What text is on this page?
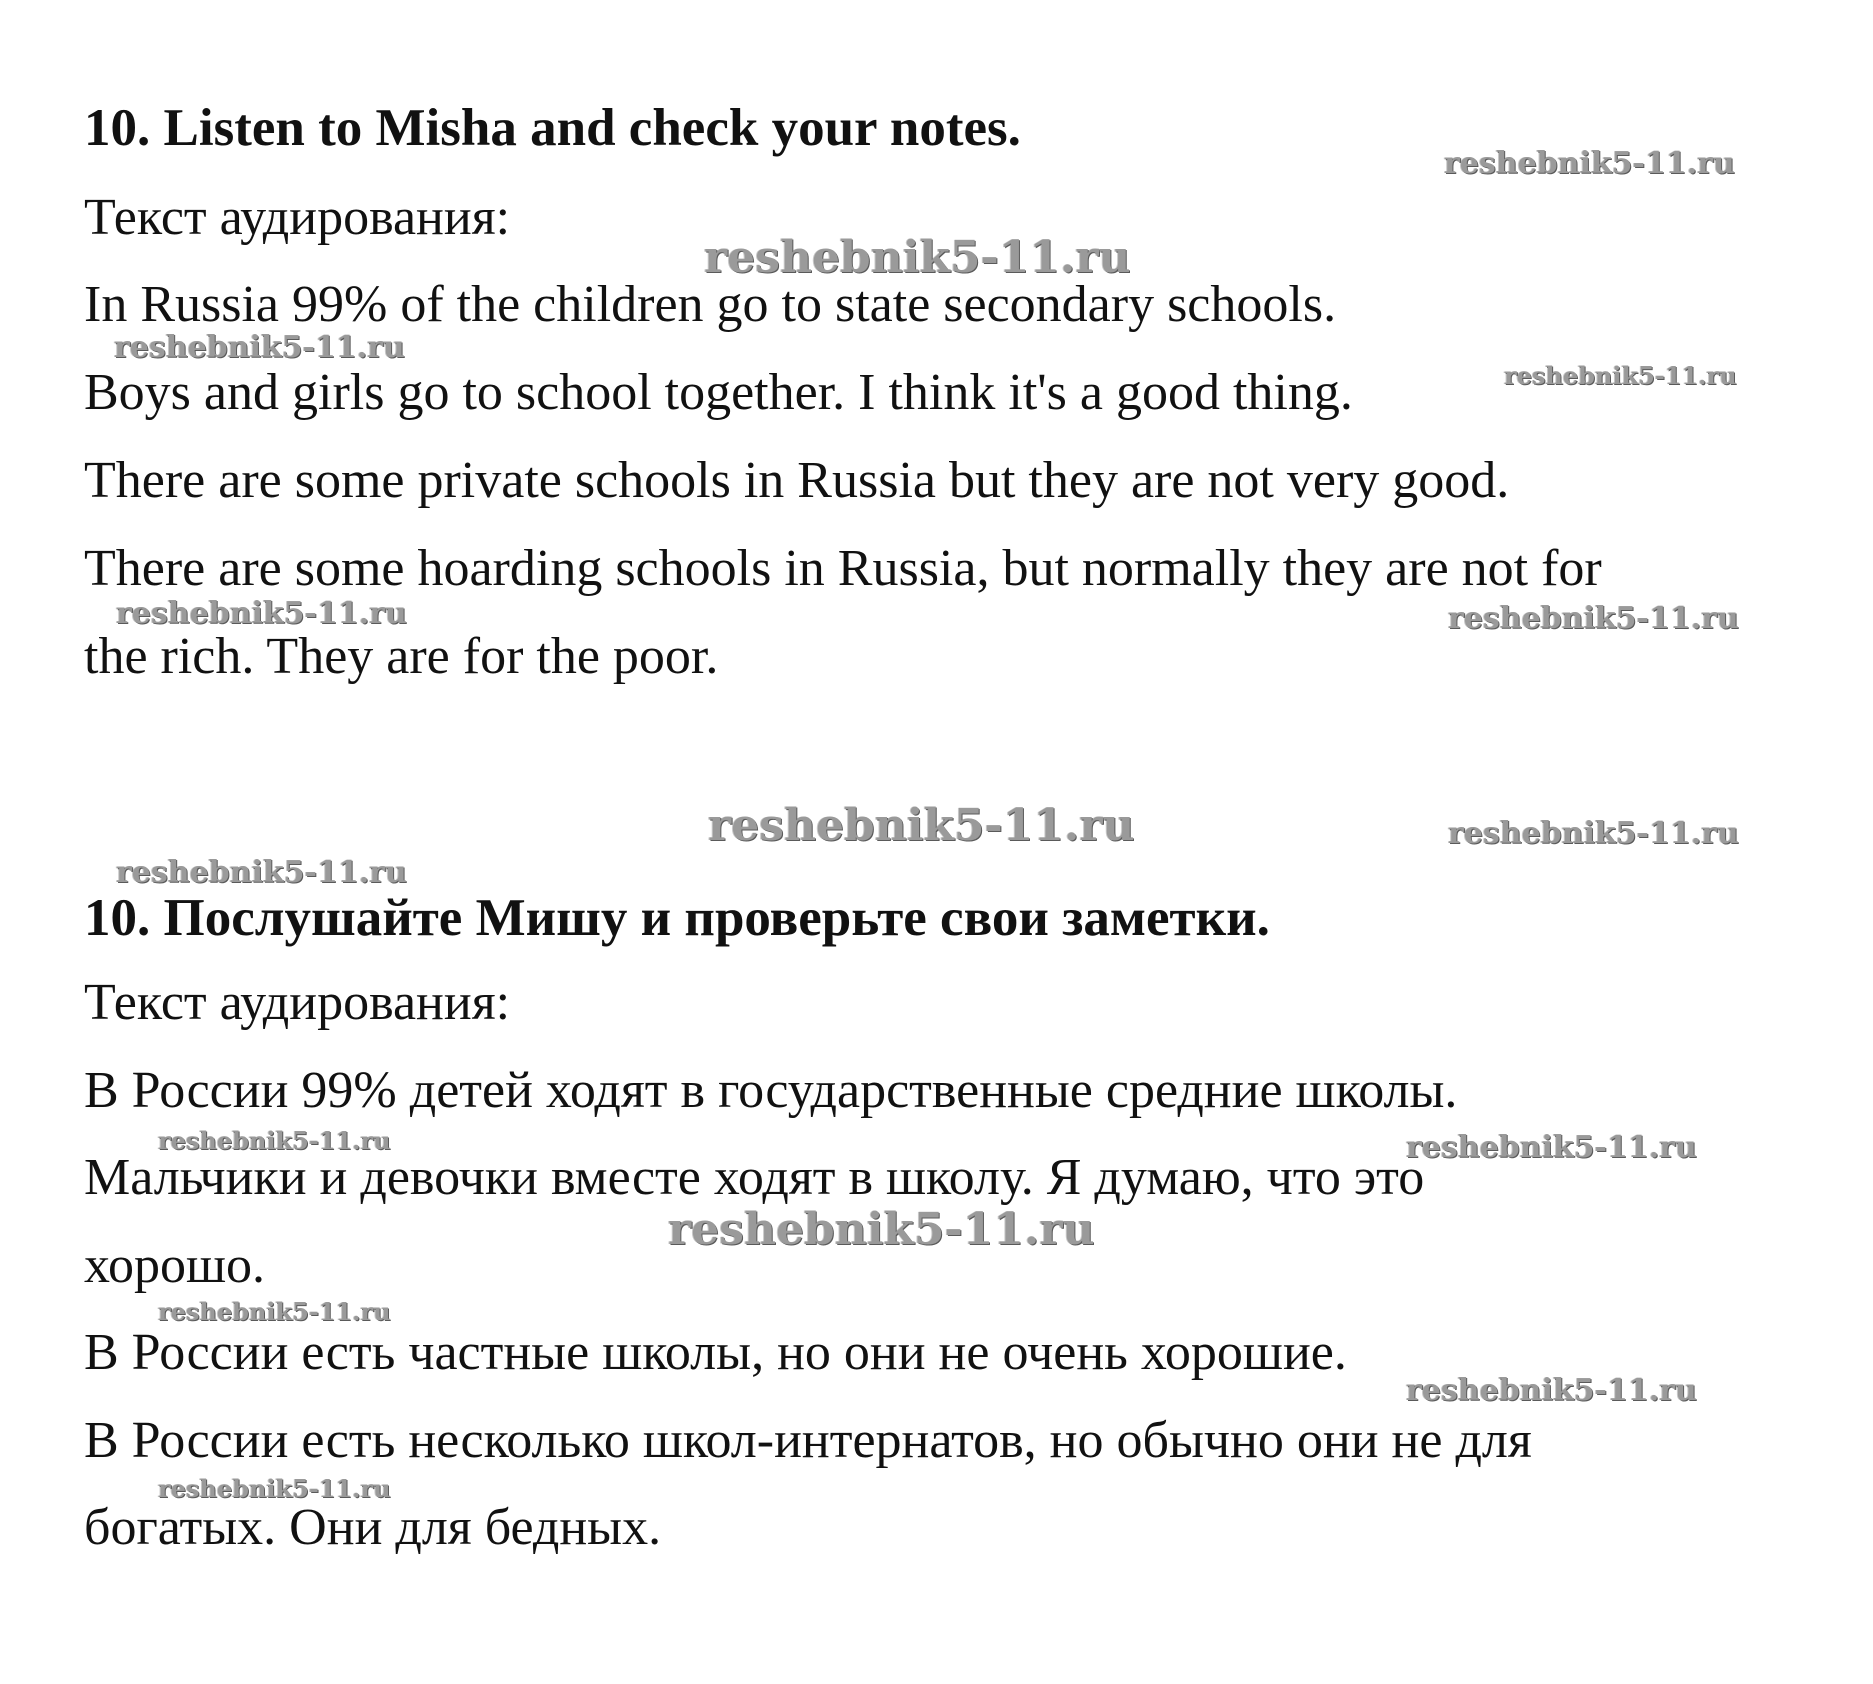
10. Listen to Misha and check your notes.

Текст аудирования:

In Russia 99% of the children go to state secondary schools.

Boys and girls go to school together. I think it's a good thing.

There are some private schools in Russia but they are not very good.

There are some hoarding schools in Russia, but normally they are not for

the rich. They are for the poor.

10. Послушайте Мишу и проверьте свои заметки.

Текст аудирования:

В России 99% детей ходят в государственные средние школы.

Мальчики и девочки вместе ходят в школу. Я думаю, что это

хорошо.

В России есть частные школы, но они не очень хорошие.

В России есть несколько школ-интернатов, но обычно они не для

богатых. Они для бедных.

reshebnik5-11.ru
reshebnik5-11.ru
reshebnik5-11.ru
reshebnik5-11.ru
reshebnik5-11.ru	reshebnik5-11.ru
reshebnik5-11.ru	reshebnik5-11.ru
reshebnik5-11.ru
reshebnik5-11.ru	reshebnik5-11.ru
reshebnik5-11.ru
reshebnik5-11.ru
reshebnik5-11.ru
reshebnik5-11.ru
